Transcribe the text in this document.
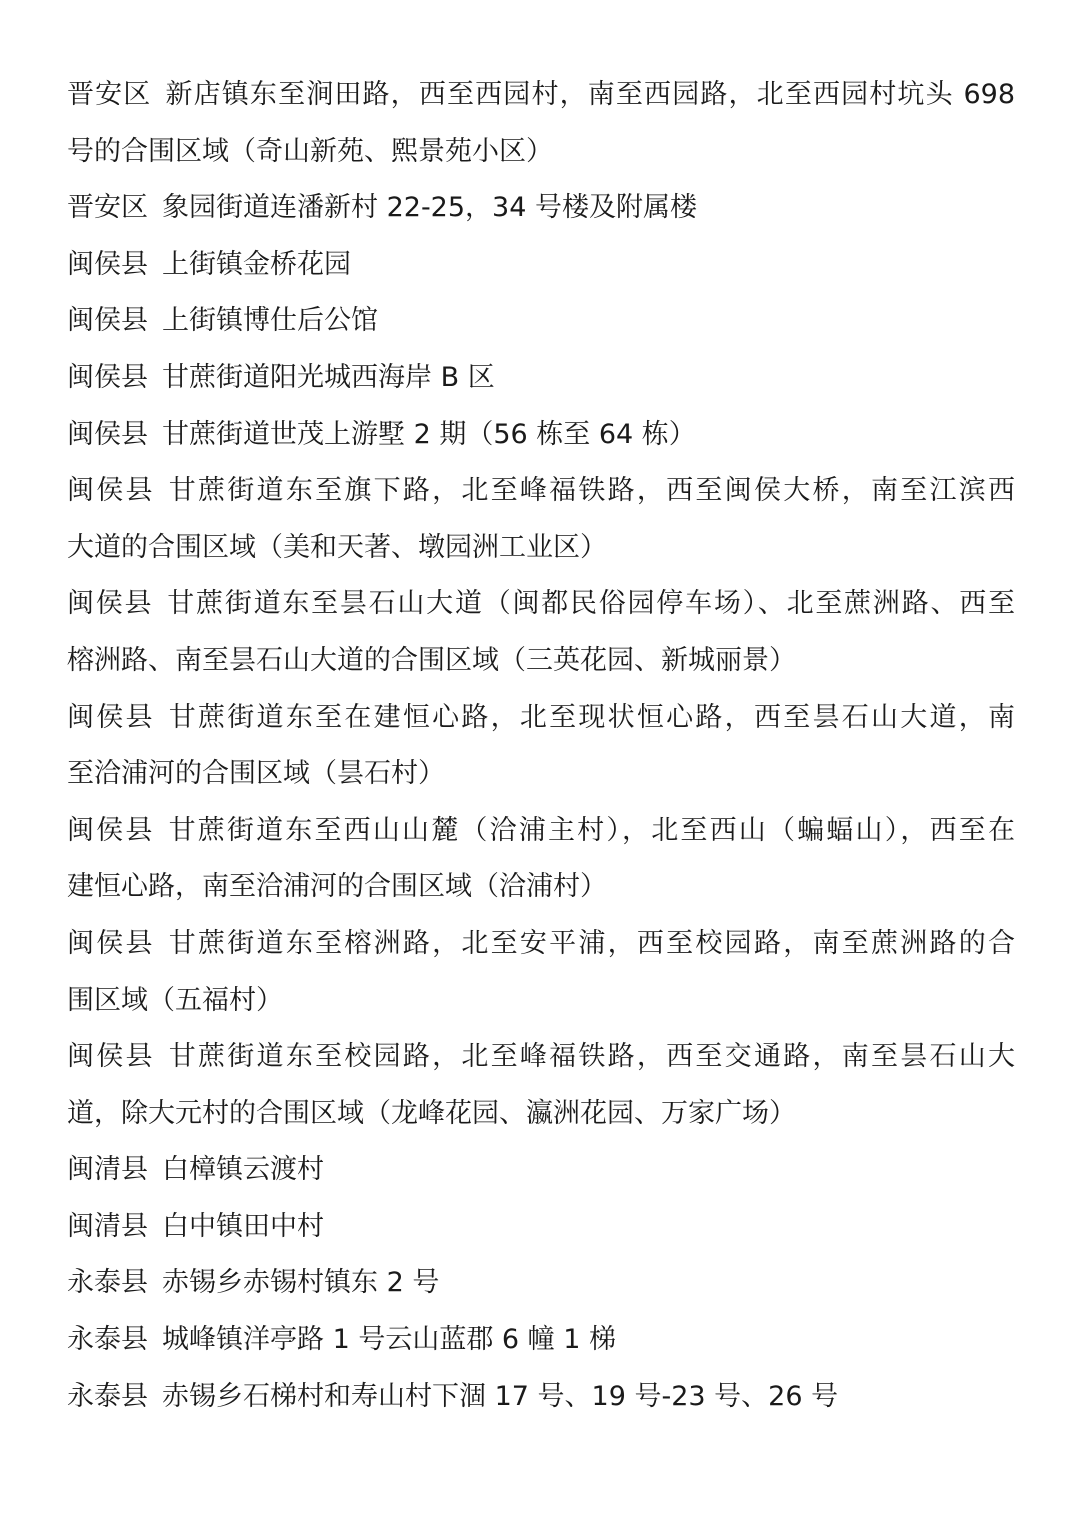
晋安区 新店镇东至涧田路，西至西园村，南至西园路，北至西园村坑头 698
号的合围区域（奇山新苑、熙景苑小区）
晋安区 象园街道连潘新村 22-25，34 号楼及附属楼
闽侯县 上街镇金桥花园
闽侯县 上街镇博仕后公馆
闽侯县 甘蔗街道阳光城西海岸 B 区
闽侯县 甘蔗街道世茂上游墅 2 期（56 栋至 64 栋）
闽侯县 甘蔗街道东至旗下路，北至峰福铁路，西至闽侯大桥，南至江滨西
大道的合围区域（美和天著、墩园洲工业区）
闽侯县 甘蔗街道东至昙石山大道（闽都民俗园停车场）、北至蔗洲路、西至
榕洲路、南至昙石山大道的合围区域（三英花园、新城丽景）
闽侯县 甘蔗街道东至在建恒心路，北至现状恒心路，西至昙石山大道，南
至洽浦河的合围区域（昙石村）
闽侯县 甘蔗街道东至西山山麓（洽浦主村），北至西山（蝙蝠山），西至在
建恒心路，南至洽浦河的合围区域（洽浦村）
闽侯县 甘蔗街道东至榕洲路，北至安平浦，西至校园路，南至蔗洲路的合
围区域（五福村）
闽侯县 甘蔗街道东至校园路，北至峰福铁路，西至交通路，南至昙石山大
道，除大元村的合围区域（龙峰花园、瀛洲花园、万家广场）
闽清县 白樟镇云渡村
闽清县 白中镇田中村
永泰县 赤锡乡赤锡村镇东 2 号
永泰县 城峰镇洋亭路 1 号云山蓝郡 6 幢 1 梯
永泰县 赤锡乡石梯村和寿山村下涸 17 号、19 号-23 号、26 号
